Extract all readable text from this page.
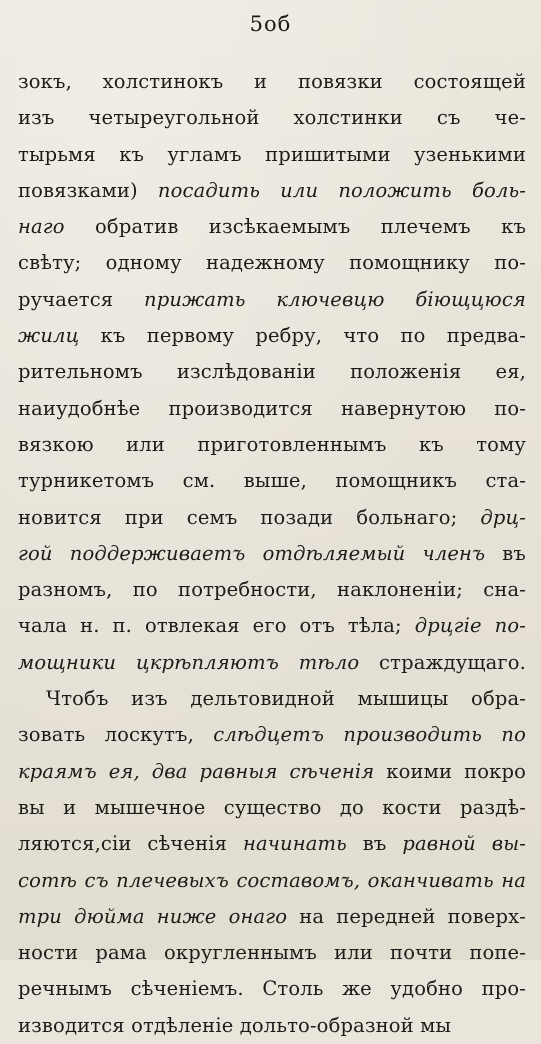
5oб
зокъ, холстинокъ и повязки состоящей
изъ четыреугольной холстинки съ че-
тырьмя къ угламъ пришитыми узенькими
повязками) посадить или положить боль-
наго обратив изсѣкаемымъ плечемъ къ
свѣту; одному надежному помощнику по-
ручается прижать ключевцю біющцюся
жилц къ первому ребру, что по предва-
рительномъ изслѣдованіи положенія ея,
наиудобнѣе производится навернутою по-
вязкою или приготовленнымъ къ тому
турникетомъ см. выше, помощникъ ста-
новится при семъ позади больнаго; дрц-
гой поддерживаетъ отдѣляемый членъ въ
разномъ, по потребности, наклоненіи; сна-
чала н. п. отвлекая его отъ тѣла; дрцгіе по-
мощники цкрѣпляютъ тѣло страждущаго.
Чтобъ изъ дельтовидной мышицы обра-
зовать лоскутъ, слѣдцетъ производить по
краямъ ея, два равныя сѣченія коими покро
вы и мышечное существо до кости раздѣ-
ляются,сіи сѣченія начинать въ равной вы-
сотѣ съ плечевыхъ составомъ, оканчивать на
три дюйма ниже онаго на передней поверх-
ности рама округленнымъ или почти попе-
речнымъ сѣченіемъ. Столь же удобно про-
изводится отдѣленіе дольто-образной мы
